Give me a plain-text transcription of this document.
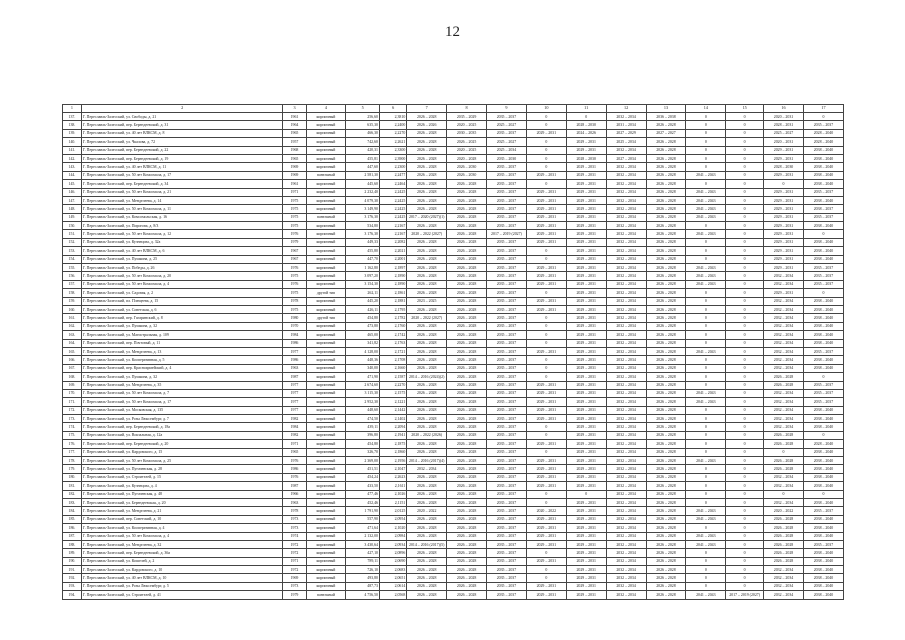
12
1	2	3	4	5	6	7	8	9	10	11	12	13	14	15	16	17
137.	Г. Переславль-Залесский, ул. Свободы, д. 21	1961	кирпичный	256,60	2,3810	2026 – 2028	2035 – 2029	2035 – 2037	0	0	2032 – 2034	2036 – 2038	0	0	2020 – 2031	0
138.	Г. Переславль-Залесский, пер. Берендеевский, д. 31	1964	кирпичный	635,30	2,2400	2026 – 2026	2020 – 2025	2025 – 2027	0	2028 – 2030	2031 – 2034	2026 – 2028	0	0	2028 – 2031	2035 – 2037
139.	Г. Переславль-Залесский, ул. 40 лет ВЛКСМ, д. 8	1965	кирпичный	466,30	2,2270	2026 – 2028	2030 – 2035	2035 – 2037	2029 – 2031	2024 – 2026	2027 – 2029	2027 – 2027	0	0	2025 – 2027	2028 – 2040
140.	Г. Переславль-Залесский, ул. Чкалова, д. 72	1957	кирпичный	742,60	2,2621	2026 – 2028	2026 – 2025	2025 – 2027	0	2029 – 2031	2025 – 2034	2026 – 2028	0	0	2020 – 2031	2028 – 2040
141.	Г. Переславль-Залесский, пер. Берендеевский, д. 22	1968	кирпичный	420,31	2,3300	2026 – 2028	2020 – 2025	2025 – 2034	0	2029 – 2031	2032 – 2034	2026 – 2028	0	0	2029 – 2031	2038 – 2040
142.	Г. Переславль-Залесский, пер. Берендеевский, д. 19	1965	кирпичный	455,81	2,3900	2026 – 2028	2020 – 2028	2035 – 2030	0	2028 – 2030	2027 – 2034	2026 – 2028	0	0	2029 – 2031	2038 – 2040
143.	Г. Переславль-Залесский, ул. 40 лет ВЛКСМ, д. 11	1969	кирпичный	447,60	2,2300	2026 – 2028	2026 – 2030	2035 – 2037	0	2029 – 2031	2032 – 2034	2026 – 2028	0	0	2028 – 2030	2038 – 2040
144.	Г. Переславль-Залесский, ул. 50 лет Комсомола, д. 17	1969	панельный	2 581,30	2,2477	2026 – 2028	2026 – 2030	2035 – 2037	2029 – 2031	2029 – 2031	2032 – 2034	2026 – 2028	2041 – 2043	0	2029 – 2031	2038 – 2040
145.	Г. Переславль-Залесский, пер. Берендеевский, д. 34	1961	кирпичный	445,60	2,2464	2026 – 2028	2026 – 2028	2035 – 2037	0	2029 – 2031	2032 – 2034	2026 – 2028	0	0	0	2038 – 2040
146.	Г. Переславль-Залесский, ул. 50 лет Комсомола, д. 21	1971	кирпичный	2 232,40	2,2425	2026 – 2028	2026 – 2028	2035 – 2037	2029 – 2031	2029 – 2031	2032 – 2034	2026 – 2028	2041 – 2043	0	2029 – 2031	2035 – 2037
147.	Г. Переславль-Залесский, ул. Менделеева, д. 14	1975	кирпичный	4 079,30	2,2425	2026 – 2028	2026 – 2028	2035 – 2037	2029 – 2031	2029 – 2031	2032 – 2034	2026 – 2028	2041 – 2043	0	2029 – 2031	2038 – 2040
148.	Г. Переславль-Залесский, ул. 50 лет Комсомола, д. 11	1975	кирпичный	3 149,90	2,2425	2026 – 2028	2026 – 2028	2035 – 2037	2029 – 2031	2029 – 2031	2032 – 2034	2026 – 2028	2041 – 2043	0	2029 – 2031	2038 – 2037
149.	Г. Переславль-Залесский, ул. Комсомольская, д. 16	1975	панельный	3 176,30	2,2425	2017 – 2020 (2027)(1)	2026 – 2028	2035 – 2037	2029 – 2031	2029 – 2031	2032 – 2034	2026 – 2028	2041 – 2043	0	2029 – 2031	2035 – 2037
150.	Г. Переславль-Залесский, ул. Пирогова, д. 8/3	1975	кирпичный	534,80	2,2167	2026 – 2028	2026 – 2028	2035 – 2037	2029 – 2031	2029 – 2031	2032 – 2034	2026 – 2028	0	0	2029 – 2031	2038 – 2040
151.	Г. Переславль-Залесский, ул. 50 лет Комсомола, д. 12	1976	кирпичный	3 176,30	2,2167	2020 – 2022 (2027)	2026 – 2028	2017 – 2019 (2027)	2029 – 2031	2029 – 2031	2032 – 2034	2026 – 2028	2041 – 2043	0	2029 – 2031	0
152.	Г. Переславль-Залесский, ул. Кузнецова, д. 32а	1979	кирпичный	449,33	2,2082	2026 – 2028	2026 – 2028	2035 – 2037	2029 – 2031	2029 – 2031	2032 – 2034	2026 – 2028	0	0	2029 – 2031	2038 – 2040
153.	Г. Переславль-Залесский, ул. 40 лет ВЛКСМ, д. 6	1967	кирпичный	455,80	2,2021	2026 – 2028	2026 – 2028	2035 – 2037	0	2029 – 2031	2032 – 2034	2026 – 2028	0	0	2029 – 2031	2038 – 2040
154.	Г. Переславль-Залесский, ул. Пушкина, д. 25	1967	кирпичный	447,70	2,2001	2026 – 2028	2026 – 2028	2035 – 2037	0	2029 – 2031	2032 – 2034	2026 – 2028	0	0	2029 – 2031	2038 – 2040
155.	Г. Переславль-Залесский, ул. Победы, д. 26	1976	кирпичный	1 162,80	2,1897	2026 – 2028	2026 – 2028	2035 – 2037	2029 – 2031	2029 – 2031	2032 – 2034	2026 – 2028	2041 – 2043	0	2029 – 2031	2035 – 2037
156.	Г. Переславль-Залесский, ул. 50 лет Комсомола, д. 20	1975	кирпичный	3 097,20	2,1890	2026 – 2028	2026 – 2028	2035 – 2037	2029 – 2031	2029 – 2031	2032 – 2034	2026 – 2028	2041 – 2043	0	2032 – 2034	2035 – 2037
157.	Г. Переславль-Залесский, ул. 50 лет Комсомола, д. 4	1976	кирпичный	3 154,30	2,1890	2026 – 2028	2026 – 2028	2035 – 2037	2029 – 2031	2029 – 2031	2032 – 2034	2026 – 2028	2041 – 2043	0	2032 – 2034	2035 – 2037
158.	Г. Переславль-Залесский, ул. Садовая, д. 2	1975	другой тип	262,11	2,1861	2026 – 2028	2026 – 2028	2035 – 2037	0	2029 – 2031	2032 – 2034	2026 – 2028	0	0	2029 – 2031	0
159.	Г. Переславль-Залесский, пл. Плещеева, д. 15	1978	кирпичный	445,20	2,1881	2023 – 2025	2026 – 2028	2035 – 2037	2029 – 2031	2029 – 2031	2032 – 2034	2026 – 2028	0	0	2032 – 2034	2038 – 2040
160.	Г. Переславль-Залесский, ул. Советская, д. 6	1975	кирпичный	426,11	2,1795	2026 – 2028	2026 – 2028	2035 – 2037	2029 – 2031	2029 – 2031	2032 – 2034	2026 – 2028	0	0	2032 – 2034	2038 – 2040
161.	Г. Переславль-Залесский, пер. Гагаринский, д. 8	1980	другой тип	454,80	2,1782	2020 – 2022 (2027)	2026 – 2028	2035 – 2037	0	2029 – 2031	2032 – 2034	2026 – 2028	0	0	2032 – 2034	2038 – 2040
162.	Г. Переславль-Залесский, ул. Пушкина, д. 32	1970	кирпичный	473,80	2,1760	2026 – 2028	2026 – 2028	2035 – 2037	0	2029 – 2031	2032 – 2034	2026 – 2028	0	0	2032 – 2034	2038 – 2040
163.	Г. Переславль-Залесский, ул. Магистральная, д. 109	1984	кирпичный	465,00	2,1742	2026 – 2028	2026 – 2028	2035 – 2037	0	2029 – 2031	2032 – 2034	2026 – 2028	0	0	2032 – 2034	2038 – 2040
164.	Г. Переславль-Залесский, пер. Почтовый, д. 11	1986	кирпичный	341,82	2,1763	2026 – 2028	2026 – 2028	2035 – 2037	0	2029 – 2031	2032 – 2034	2026 – 2028	0	0	2032 – 2034	2038 – 2040
165.	Г. Переславль-Залесский, ул. Менделеева, д. 13	1977	кирпичный	4 128,00	2,1721	2026 – 2028	2026 – 2028	2035 – 2037	2029 – 2031	2029 – 2031	2032 – 2034	2026 – 2028	2041 – 2043	0	2032 – 2034	2035 – 2037
166.	Г. Переславль-Залесский, ул. Кооперативная, д. 5	1986	кирпичный	448,36	2,1708	2026 – 2028	2026 – 2028	2035 – 2037	0	2029 – 2031	2032 – 2034	2026 – 2028	0	0	2032 – 2034	2038 – 2040
167.	Г. Переславль-Залесский, пер. Красноармейский, д. 4	1963	кирпичный	340,00	2,1660	2026 – 2028	2026 – 2028	2035 – 2037	0	2029 – 2031	2032 – 2034	2026 – 2028	0	0	2032 – 2034	2038 – 2040
168.	Г. Переславль-Залесский, ул. Пушкина, д. 32	1987	кирпичный	471,90	2,1587	2014 – 2016 (2024)(2)	2026 – 2028	2035 – 2037	0	2029 – 2031	2032 – 2034	2026 – 2028	0	0	2026 – 2028	0
169.	Г. Переславль-Залесский, ул. Менделеева, д. 35	1977	кирпичный	2 674,60	2,2270	2026 – 2028	2026 – 2028	2035 – 2037	2029 – 2031	2029 – 2031	2032 – 2034	2026 – 2028	0	0	2026 – 2028	2035 – 2037
170.	Г. Переславль-Залесский, ул. 50 лет Комсомола, д. 7	1977	кирпичный	3 115,30	2,1575	2026 – 2028	2026 – 2028	2035 – 2037	2029 – 2031	2029 – 2031	2032 – 2034	2026 – 2028	2041 – 2043	0	2032 – 2034	2035 – 2037
171.	Г. Переславль-Залесский, ул. 50 лет Комсомола, д. 17	1977	кирпичный	2 952,30	2,1221	2026 – 2028	2026 – 2028	2035 – 2037	2029 – 2031	2029 – 2031	2032 – 2034	2026 – 2028	2041 – 2043	0	2032 – 2034	2035 – 2037
172.	Г. Переславль-Залесский, ул. Московская, д. 135	1977	кирпичный	448,60	2,1442	2026 – 2028	2026 – 2028	2035 – 2037	2029 – 2031	2029 – 2031	2032 – 2034	2026 – 2028	0	0	2032 – 2034	2038 – 2040
173.	Г. Переславль-Залесский, ул. Розы Люксембург, д. 7	1982	кирпичный	474,50	2,1402	2026 – 2028	2026 – 2028	2035 – 2037	2029 – 2031	2029 – 2031	2032 – 2034	2026 – 2028	0	0	2032 – 2034	2038 – 2040
174.	Г. Переславль-Залесский, пер. Берендеевский, д. 18а	1984	кирпичный	439,11	2,2094	2026 – 2028	2026 – 2028	2035 – 2037	0	2029 – 2031	2032 – 2034	2026 – 2028	0	0	2032 – 2034	2038 – 2040
175.	Г. Переславль-Залесский, ул. Вокзальная, д. 12а	1982	кирпичный	396,80	2,1941	2020 – 2022 (2026)	2026 – 2028	2035 – 2037	0	2029 – 2031	2032 – 2034	2026 – 2028	0	0	2026 – 2028	0
176.	Г. Переславль-Залесский, пер. Берендеевский, д. 20	1971	кирпичный	454,80	2,1875	2026 – 2028	2026 – 2028	2035 – 2037	2029 – 2031	2029 – 2031	2032 – 2034	2026 – 2028	0	0	2026 – 2028	2028 – 2040
177.	Г. Переславль-Залесский, ул. Кардовского, д. 15	1965	кирпичный	326,70	2,1860	2026 – 2028	2026 – 2028	2035 – 2037	0	2029 – 2031	2032 – 2034	2026 – 2028	0	0	0	2038 – 2040
178.	Г. Переславль-Залесский, ул. 50 лет Комсомола, д. 25	1976	кирпичный	2 369,00	2,1956	2014 – 2016 (2017)(4)	2026 – 2028	2035 – 2037	2029 – 2031	2029 – 2031	2032 – 2034	2026 – 2028	2041 – 2043	0	2026 – 2028	2038 – 2040
179.	Г. Переславль-Залесский, ул. Пугачевская, д. 28	1986	кирпичный	451,51	2,1047	2032 – 2034	2026 – 2028	2035 – 2037	2029 – 2031	2029 – 2031	2032 – 2034	2026 – 2028	0	0	2026 – 2028	2038 – 2040
180.	Г. Переславль-Залесский, ул. Строителей, д. 15	1976	кирпичный	454,24	2,2623	2026 – 2028	2026 – 2028	2035 – 2037	2029 – 2031	2029 – 2031	2032 – 2034	2026 – 2028	0	0	2032 – 2034	2038 – 2040
181.	Г. Переславль-Залесский, ул. Кузнецова, д. 4	1987	кирпичный	433,50	2,1611	2026 – 2028	2026 – 2028	2035 – 2037	2029 – 2031	2029 – 2031	2032 – 2034	2026 – 2028	0	0	2032 – 2034	2038 – 2040
182.	Г. Переславль-Залесский, ул. Пугачевская, д. 48	1966	кирпичный	477,46	2,1026	2026 – 2028	2026 – 2028	2035 – 2037	0	0	2032 – 2034	2026 – 2028	0	0	0	0
183.	Г. Переславль-Залесский, ул. Берендеевская, д. 20	1963	кирпичный	452,46	2,1151	2026 – 2028	2026 – 2028	2035 – 2037	0	2029 – 2031	2032 – 2034	2026 – 2028	0	0	2032 – 2034	2038 – 2040
184.	Г. Переславль-Залесский, ул. Менделеева, д. 21	1978	кирпичный	1 791,90	2,0125	2020 – 2022	2026 – 2028	2035 – 2037	2020 – 2022	2029 – 2031	2032 – 2034	2026 – 2028	2041 – 2043	0	2020 – 2022	2035 – 2037
185.	Г. Переславль-Залесский, пер. Советский, д. 10	1973	кирпичный	557,90	2,0954	2026 – 2028	2026 – 2028	2035 – 2037	2029 – 2031	2029 – 2031	2032 – 2034	2026 – 2028	2041 – 2043	0	2026 – 2028	2038 – 2040
186.	Г. Переславль-Залесский, ул. Кооперативная, д. 4	1973	кирпичный	471,64	2,1020	2026 – 2028	2026 – 2028	2035 – 2037	2029 – 2031	2029 – 2031	2032 – 2034	2026 – 2028	0	0	2026 – 2028	2038 – 2040
187.	Г. Переславль-Залесский, ул. 50 лет Комсомола, д. 4	1974	кирпичный	2 132,00	2,0984	2026 – 2028	2026 – 2028	2035 – 2037	2029 – 2031	2029 – 2031	2032 – 2034	2026 – 2028	2041 – 2043	0	2026 – 2028	2038 – 2040
188.	Г. Переславль-Залесский, ул. Менделеева, д. 32	1972	кирпичный	3 430,64	2,0934	2014 – 2016 (2017)(5)	2026 – 2028	2035 – 2037	2029 – 2031	2029 – 2031	2032 – 2034	2026 – 2028	2041 – 2043	0	2026 – 2028	2035 – 2037
189.	Г. Переславль-Залесский, пер. Берендеевский, д. 36а	1972	кирпичный	427,10	2,0896	2026 – 2028	2026 – 2028	2035 – 2037	0	2029 – 2031	2032 – 2034	2026 – 2028	0	0	2026 – 2028	2038 – 2040
190.	Г. Переславль-Залесский, ул. Кошелей, д. 2	1971	кирпичный	789,11	2,0690	2026 – 2028	2026 – 2028	2035 – 2037	2029 – 2031	2029 – 2031	2032 – 2034	2026 – 2028	0	0	2026 – 2028	2038 – 2040
191.	Г. Переславль-Залесский, ул. Кардовского, д. 10	1972	кирпичный	726,10	2,0683	2026 – 2028	2026 – 2028	2035 – 2037	0	2029 – 2031	2032 – 2034	2026 – 2028	0	0	2032 – 2034	2038 – 2040
192.	Г. Переславль-Залесский, ул. 40 лет ВЛКСМ, д. 10	1969	кирпичный	493,80	2,0651	2026 – 2028	2026 – 2028	2035 – 2037	0	2029 – 2031	2032 – 2034	2026 – 2028	0	0	2032 – 2034	2038 – 2040
193.	Г. Переславль-Залесский, ул. Розы Люксембург, д. 5	1973	кирпичный	487,73	2,0614	2026 – 2028	2026 – 2028	2035 – 2037	2029 – 2031	2029 – 2031	2032 – 2034	2026 – 2028	0	0	2032 – 2034	2038 – 2040
194.	Г. Переславль-Залесский, ул. Строителей, д. 41	1979	панельный	4 756,50	2,0568	2026 – 2028	2026 – 2028	2035 – 2037	2029 – 2031	2029 – 2031	2032 – 2034	2026 – 2028	2041 – 2043	2017 – 2019 (2027)	2032 – 2034	2038 – 2040
